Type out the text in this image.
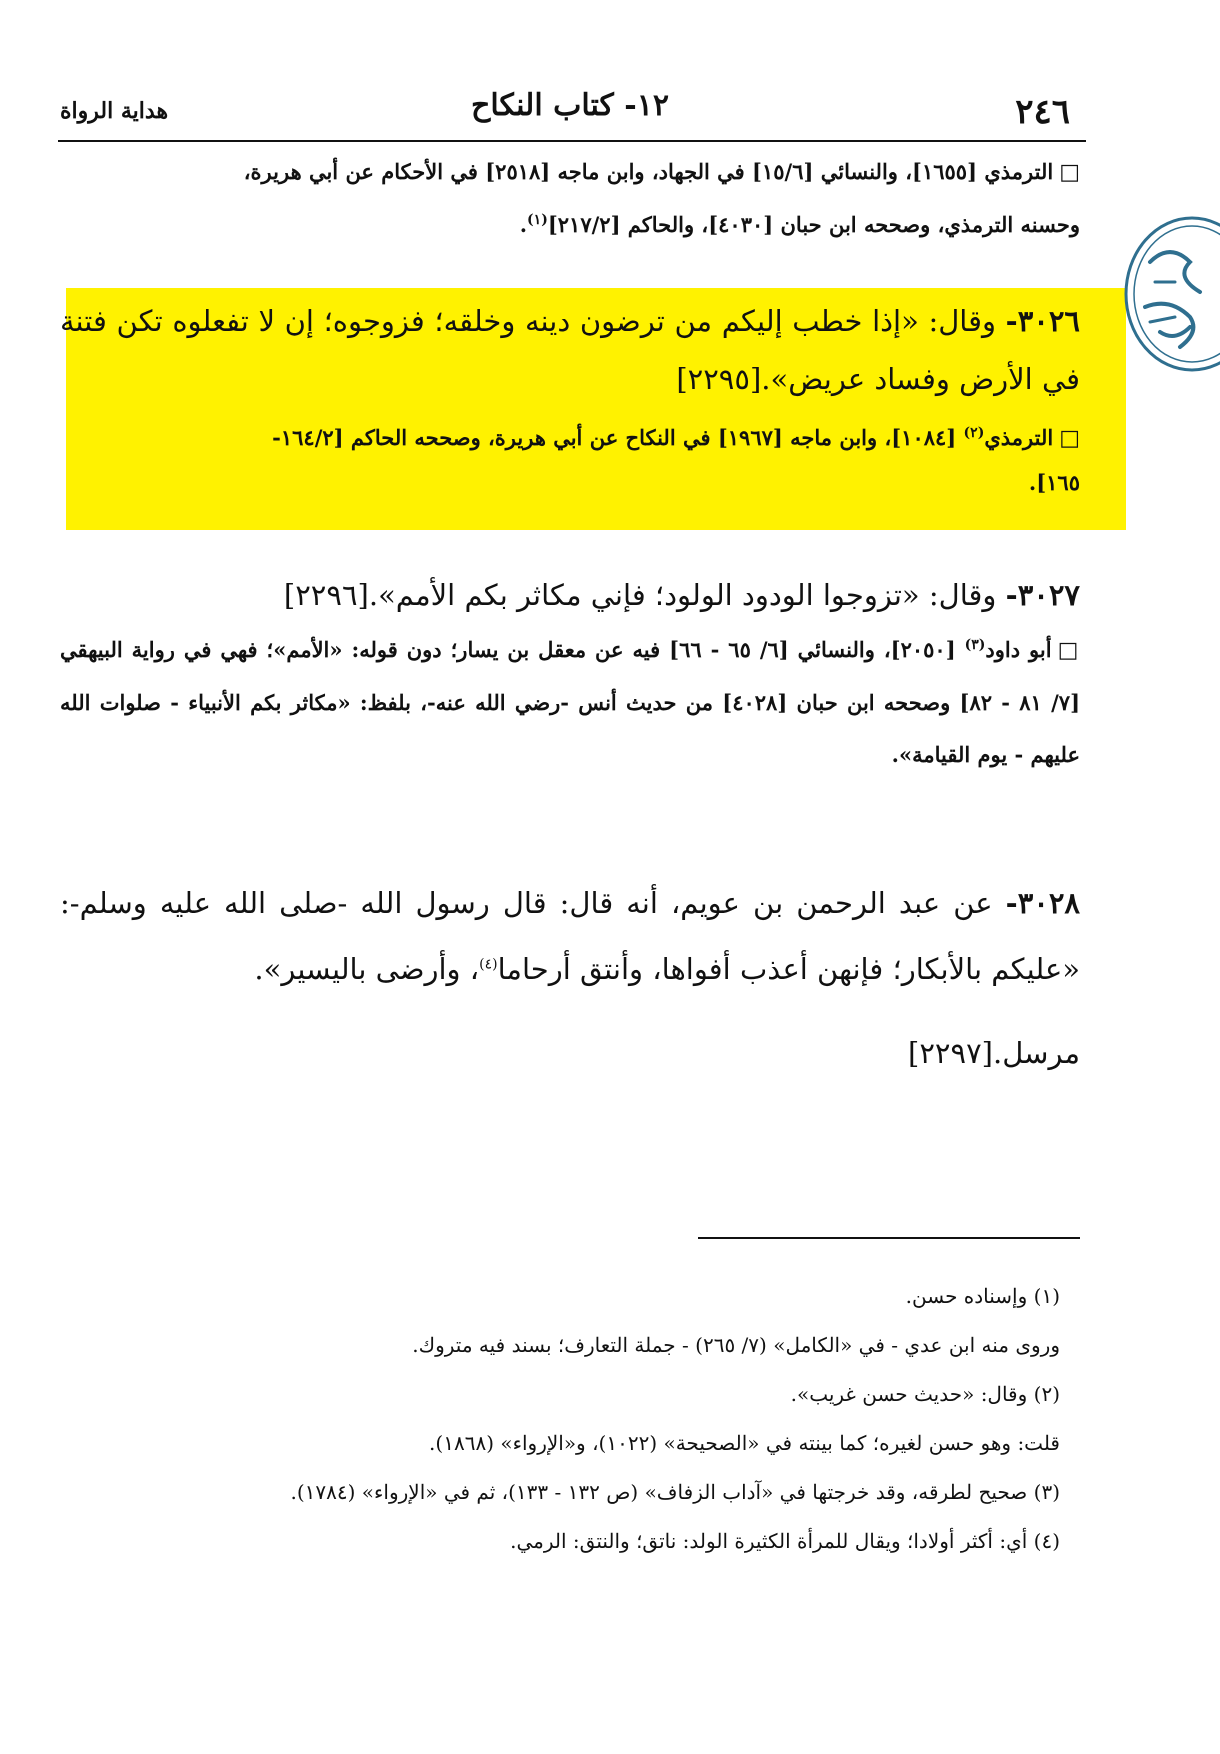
٢٤٦
١٢- كتاب النكاح
هداية الرواة
□الترمذي [١٦٥٥]، والنسائي [١٥/٦] في الجهاد، وابن ماجه [٢٥١٨] في الأحكام عن أبي هريرة،
وحسنه الترمذي، وصححه ابن حبان [٤٠٣٠]، والحاكم [٢١٧/٢]$^{(١)}$.
٣٠٢٦- وقال: «إذا خطب إليكم من ترضون دينه وخلقه؛ فزوجوه؛ إن لا تفعلوه تكن فتنة في الأرض وفساد عريض».[٢٢٩٥]
□الترمذي$^{(٢)}$ [١٠٨٤]، وابن ماجه [١٩٦٧] في النكاح عن أبي هريرة، وصححه الحاكم [١٦٤/٢-
١٦٥].
٣٠٢٧- وقال: «تزوجوا الودود الولود؛ فإني مكاثر بكم الأمم».[٢٢٩٦]
□أبو داود$^{(٣)}$ [٢٠٥٠]، والنسائي [٦/ ٦٥ - ٦٦] فيه عن معقل بن يسار؛ دون قوله: «الأمم»؛ فهي في رواية البيهقي [٧/ ٨١ - ٨٢] وصححه ابن حبان [٤٠٢٨] من حديث أنس -رضي الله عنه-، بلفظ: «مكاثر بكم الأنبياء - صلوات الله عليهم - يوم القيامة».
٣٠٢٨- عن عبد الرحمن بن عويم، أنه قال: قال رسول الله -صلى الله عليه وسلم-: «عليكم بالأبكار؛ فإنهن أعذب أفواها، وأنتق أرحاما$^{(٤)}$، وأرضى باليسير».
مرسل.[٢٢٩٧]
(١) وإسناده حسن.
وروى منه ابن عدي - في «الكامل» (٧/ ٢٦٥) - جملة التعارف؛ بسند فيه متروك.
(٢) وقال: «حديث حسن غريب».
قلت: وهو حسن لغيره؛ كما بينته في «الصحيحة» (١٠٢٢)، و«الإرواء» (١٨٦٨).
(٣) صحيح لطرقه، وقد خرجتها في «آداب الزفاف» (ص ١٣٢ - ١٣٣)، ثم في «الإرواء» (١٧٨٤).
(٤) أي: أكثر أولادا؛ ويقال للمرأة الكثيرة الولد: ناتق؛ والنتق: الرمي.
